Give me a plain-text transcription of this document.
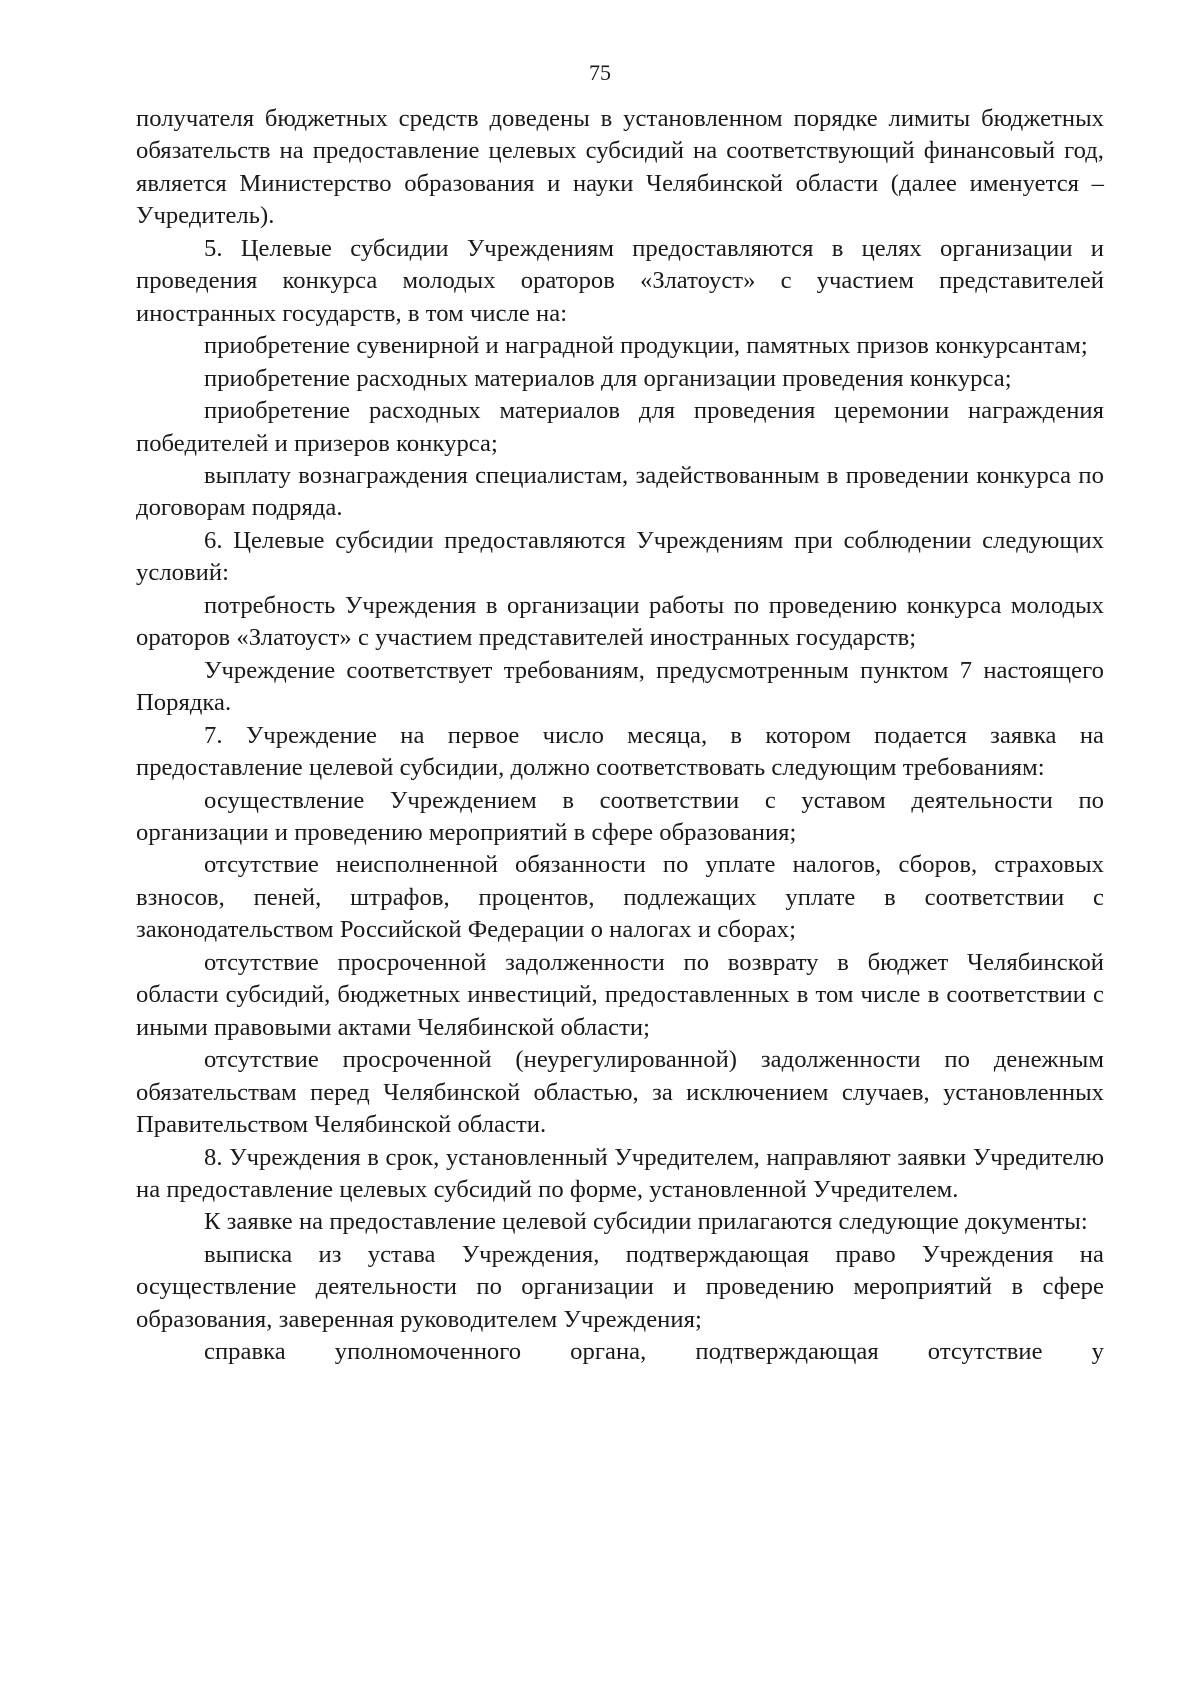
75

получателя бюджетных средств доведены в установленном порядке лимиты бюджетных обязательств на предоставление целевых субсидий на соответствующий финансовый год, является Министерство образования и науки Челябинской области (далее именуется – Учредитель).

5. Целевые субсидии Учреждениям предоставляются в целях организации и проведения конкурса молодых ораторов «Златоуст» с участием представителей иностранных государств, в том числе на:

приобретение сувенирной и наградной продукции, памятных призов конкурсантам;

приобретение расходных материалов для организации проведения конкурса;

приобретение расходных материалов для проведения церемонии награждения победителей и призеров конкурса;

выплату вознаграждения специалистам, задействованным в проведении конкурса по договорам подряда.

6. Целевые субсидии предоставляются Учреждениям при соблюдении следующих условий:

потребность Учреждения в организации работы по проведению конкурса молодых ораторов «Златоуст» с участием представителей иностранных государств;

Учреждение соответствует требованиям, предусмотренным пунктом 7 настоящего Порядка.

7. Учреждение на первое число месяца, в котором подается заявка на предоставление целевой субсидии, должно соответствовать следующим требованиям:

осуществление Учреждением в соответствии с уставом деятельности по организации и проведению мероприятий в сфере образования;

отсутствие неисполненной обязанности по уплате налогов, сборов, страховых взносов, пеней, штрафов, процентов, подлежащих уплате в соответствии с законодательством Российской Федерации о налогах и сборах;

отсутствие просроченной задолженности по возврату в бюджет Челябинской области субсидий, бюджетных инвестиций, предоставленных в том числе в соответствии с иными правовыми актами Челябинской области;

отсутствие просроченной (неурегулированной) задолженности по денежным обязательствам перед Челябинской областью, за исключением случаев, установленных Правительством Челябинской области.

8. Учреждения в срок, установленный Учредителем, направляют заявки Учредителю на предоставление целевых субсидий по форме, установленной Учредителем.

К заявке на предоставление целевой субсидии прилагаются следующие документы:

выписка из устава Учреждения, подтверждающая право Учреждения на осуществление деятельности по организации и проведению мероприятий в сфере образования, заверенная руководителем Учреждения;

справка уполномоченного органа, подтверждающая отсутствие у
